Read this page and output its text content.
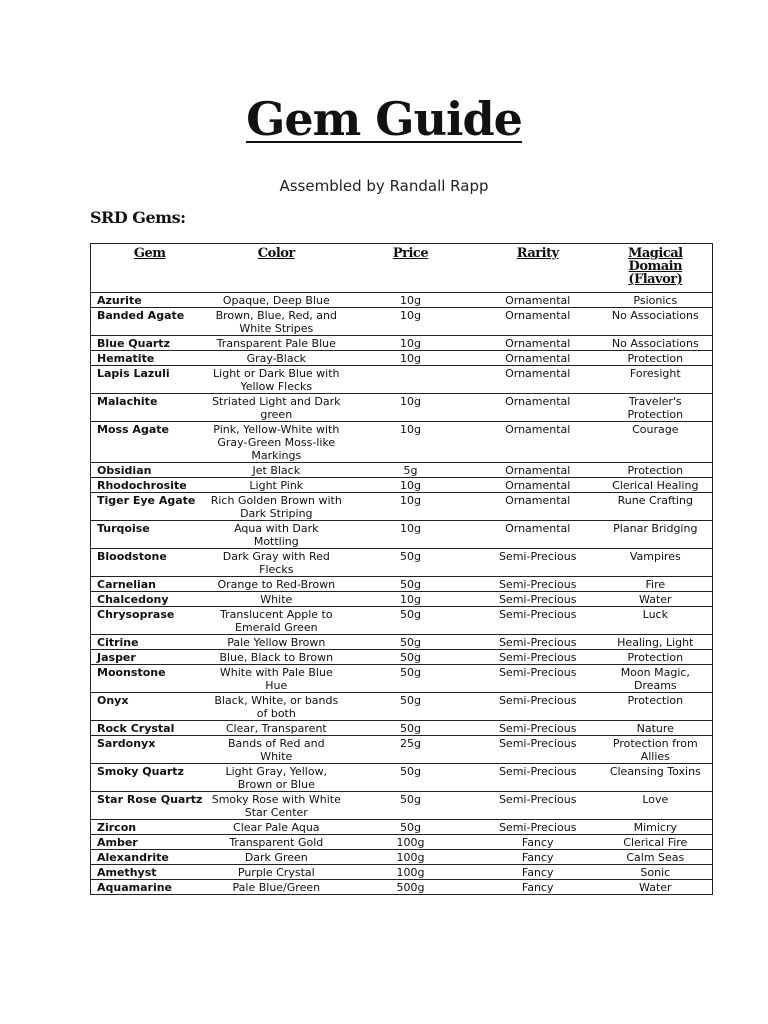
Gem Guide
Assembled by Randall Rapp
SRD Gems:
Gem	Color	Price	Rarity	Magical Domain (Flavor)
Azurite	Opaque, Deep Blue	10g	Ornamental	Psionics
Banded Agate	Brown, Blue, Red, and White Stripes	10g	Ornamental	No Associations
Blue Quartz	Transparent Pale Blue	10g	Ornamental	No Associations
Hematite	Gray-Black	10g	Ornamental	Protection
Lapis Lazuli	Light or Dark Blue with Yellow Flecks		Ornamental	Foresight
Malachite	Striated Light and Dark green	10g	Ornamental	Traveler's Protection
Moss Agate	Pink, Yellow-White with Gray-Green Moss-like Markings	10g	Ornamental	Courage
Obsidian	Jet Black	5g	Ornamental	Protection
Rhodochrosite	Light Pink	10g	Ornamental	Clerical Healing
Tiger Eye Agate	Rich Golden Brown with Dark Striping	10g	Ornamental	Rune Crafting
Turqoise	Aqua with Dark Mottling	10g	Ornamental	Planar Bridging
Bloodstone	Dark Gray with Red Flecks	50g	Semi-Precious	Vampires
Carnelian	Orange to Red-Brown	50g	Semi-Precious	Fire
Chalcedony	White	10g	Semi-Precious	Water
Chrysoprase	Translucent Apple to Emerald Green	50g	Semi-Precious	Luck
Citrine	Pale Yellow Brown	50g	Semi-Precious	Healing, Light
Jasper	Blue, Black to Brown	50g	Semi-Precious	Protection
Moonstone	White with Pale Blue Hue	50g	Semi-Precious	Moon Magic, Dreams
Onyx	Black, White, or bands of both	50g	Semi-Precious	Protection
Rock Crystal	Clear, Transparent	50g	Semi-Precious	Nature
Sardonyx	Bands of Red and White	25g	Semi-Precious	Protection from Allies
Smoky Quartz	Light Gray, Yellow, Brown or Blue	50g	Semi-Precious	Cleansing Toxins
Star Rose Quartz	Smoky Rose with White Star Center	50g	Semi-Precious	Love
Zircon	Clear Pale Aqua	50g	Semi-Precious	Mimicry
Amber	Transparent Gold	100g	Fancy	Clerical Fire
Alexandrite	Dark Green	100g	Fancy	Calm Seas
Amethyst	Purple Crystal	100g	Fancy	Sonic
Aquamarine	Pale Blue/Green	500g	Fancy	Water
